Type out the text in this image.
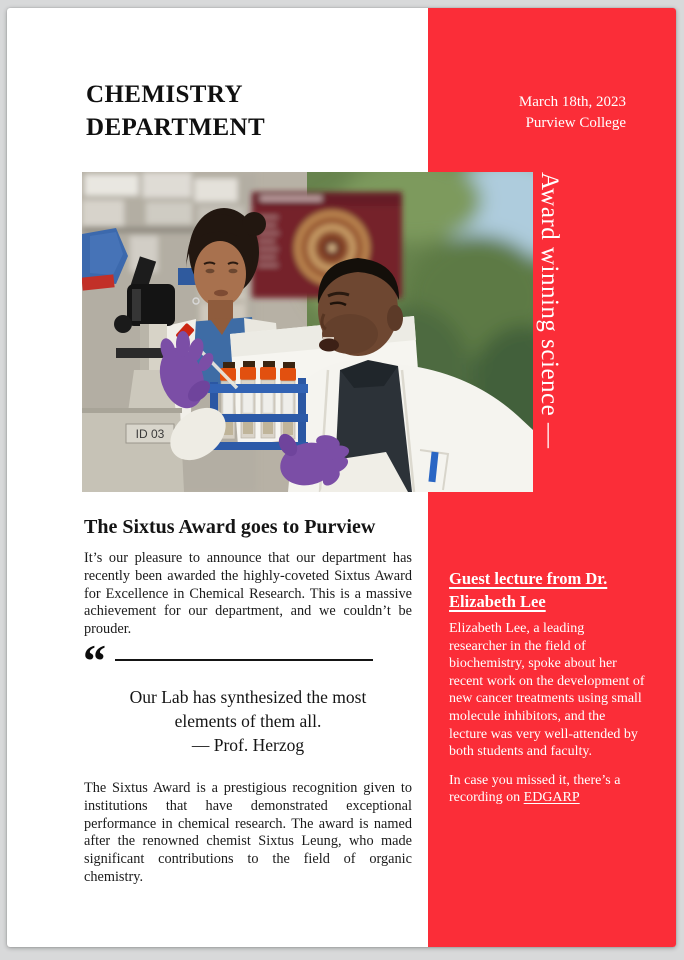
CHEMISTRY
DEPARTMENT
March 18th, 2023
Purview College
ID 03	Award winning science —
The Sixtus Award goes to Purview

It’s our pleasure to announce that our department has recently been awarded the highly-coveted Sixtus Award for Excellence in Chemical Research. This is a massive achievement for our department, and we couldn’t be prouder.

“
Our Lab has synthesized the most elements of them all.
— Prof. Herzog

The Sixtus Award is a prestigious recognition given to institutions that have demonstrated exceptional performance in chemical research. The award is named after the renowned chemist Sixtus Leung, who made significant contributions to the field of organic chemistry.

Guest lecture from Dr. Elizabeth Lee
Elizabeth Lee, a leading researcher in the field of biochemistry, spoke about her recent work on the development of new cancer treatments using small molecule inhibitors, and the lecture was very well-attended by both students and faculty.
In case you missed it, there’s a recording on EDGARP
